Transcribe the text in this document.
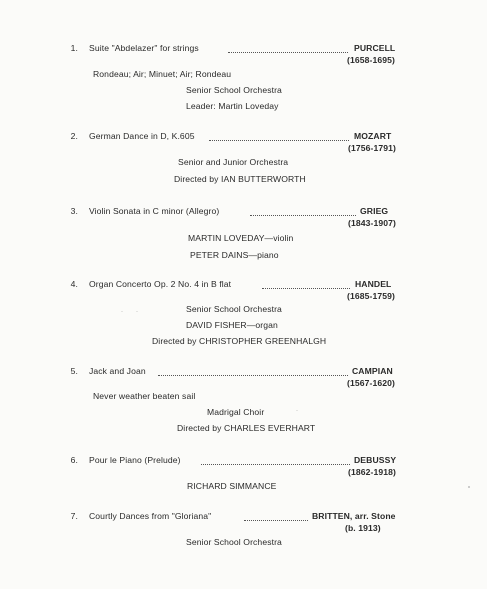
1. Suite "Abdelazer" for strings	PURCELL
(1658-1695)
Rondeau; Air; Minuet; Air; Rondeau
Senior School Orchestra
Leader: Martin Loveday
2. German Dance in D, K.605	MOZART
(1756-1791)
Senior and Junior Orchestra
Directed by IAN BUTTERWORTH
3. Violin Sonata in C minor (Allegro)	GRIEG
(1843-1907)
MARTIN LOVEDAY—violin
PETER DAINS—piano
4. Organ Concerto Op. 2 No. 4 in B flat	HANDEL
(1685-1759)
Senior School Orchestra
DAVID FISHER—organ
Directed by CHRISTOPHER GREENHALGH
5. Jack and Joan	CAMPIAN
(1567-1620)
Never weather beaten sail
Madrigal Choir
Directed by CHARLES EVERHART
6. Pour le Piano (Prelude)	DEBUSSY
(1862-1918)
RICHARD SIMMANCE
7. Courtly Dances from "Gloriana"	BRITTEN, arr. Stone
(b. 1913)
Senior School Orchestra
